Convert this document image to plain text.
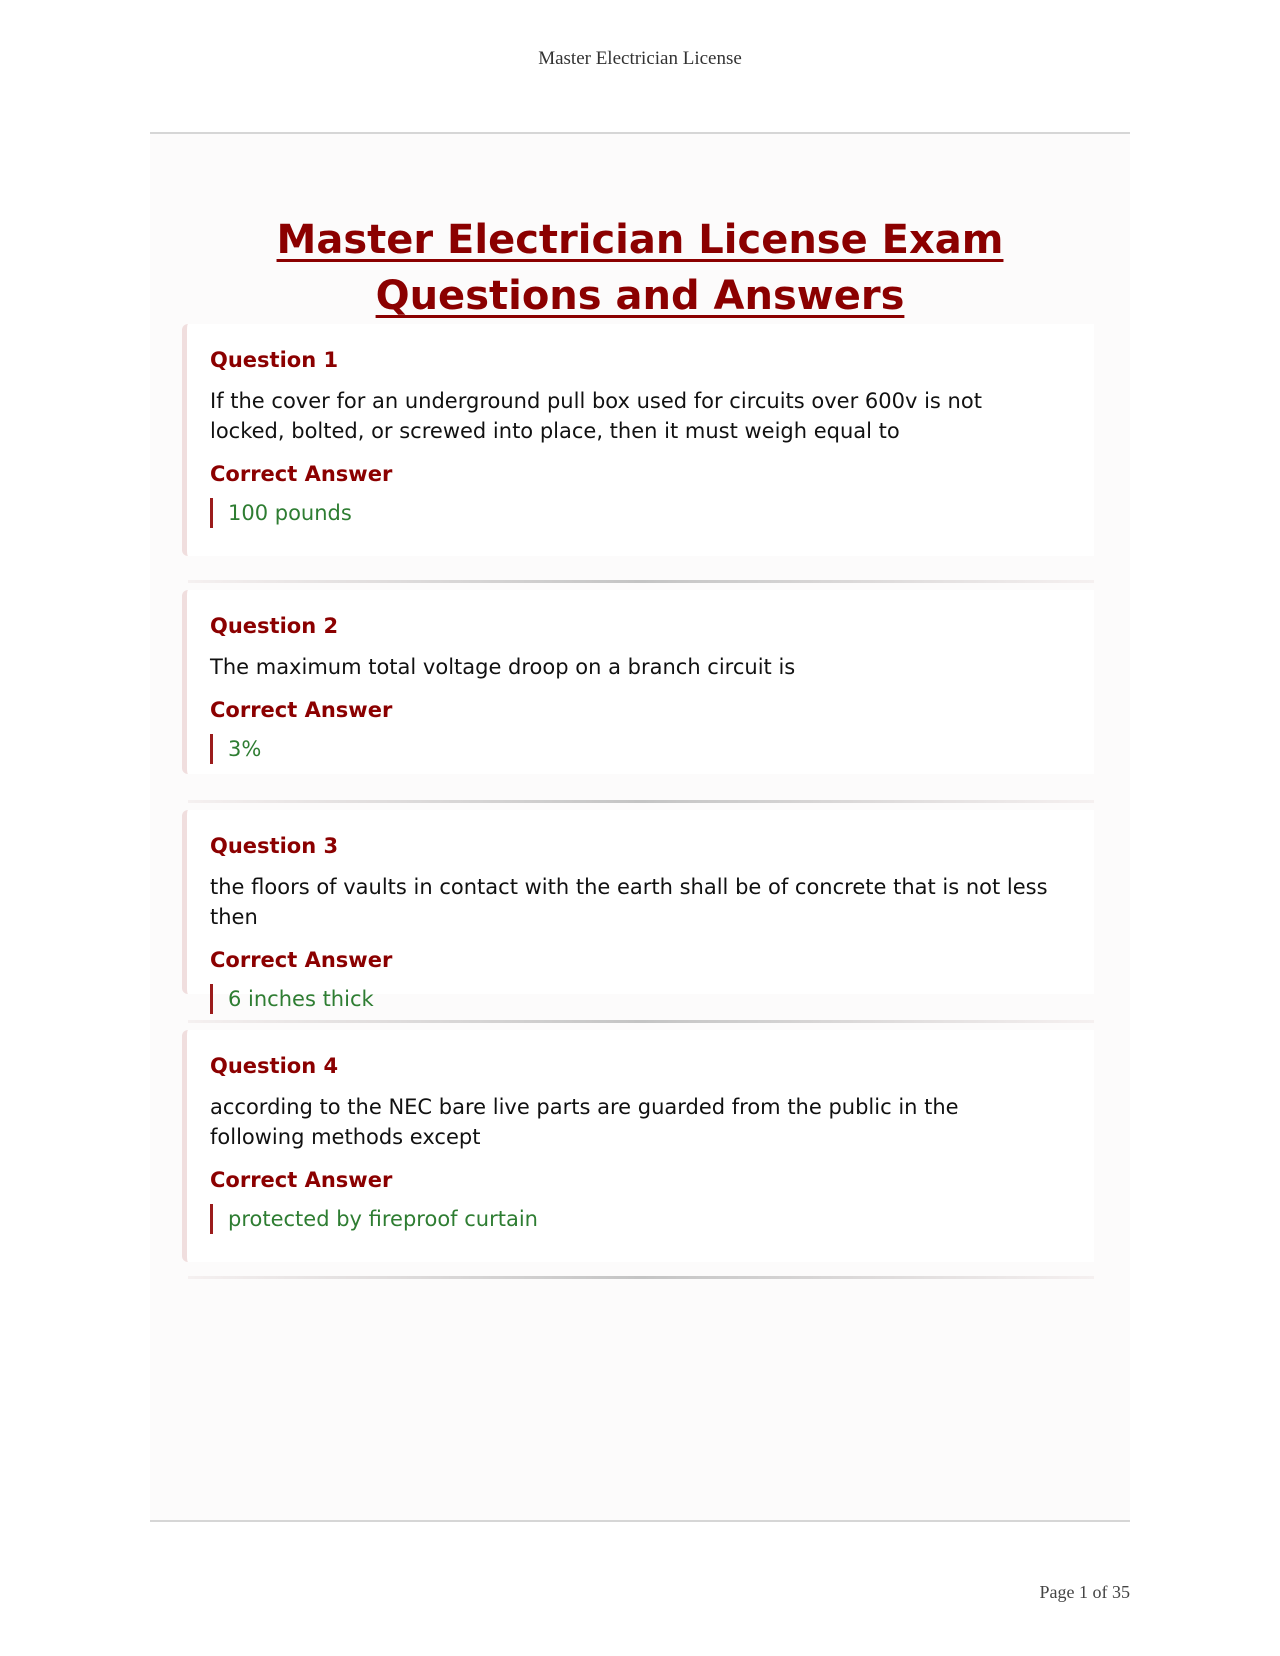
Master Electrician License
Master Electrician License Exam Questions and Answers
Question 1
If the cover for an underground pull box used for circuits over 600v is not locked, bolted, or screwed into place, then it must weigh equal to
Correct Answer
100 pounds
Question 2
The maximum total voltage droop on a branch circuit is
Correct Answer
3%
Question 3
the floors of vaults in contact with the earth shall be of concrete that is not less then
Correct Answer
6 inches thick
Question 4
according to the NEC bare live parts are guarded from the public in the following methods except
Correct Answer
protected by fireproof curtain
Page 1 of 35
